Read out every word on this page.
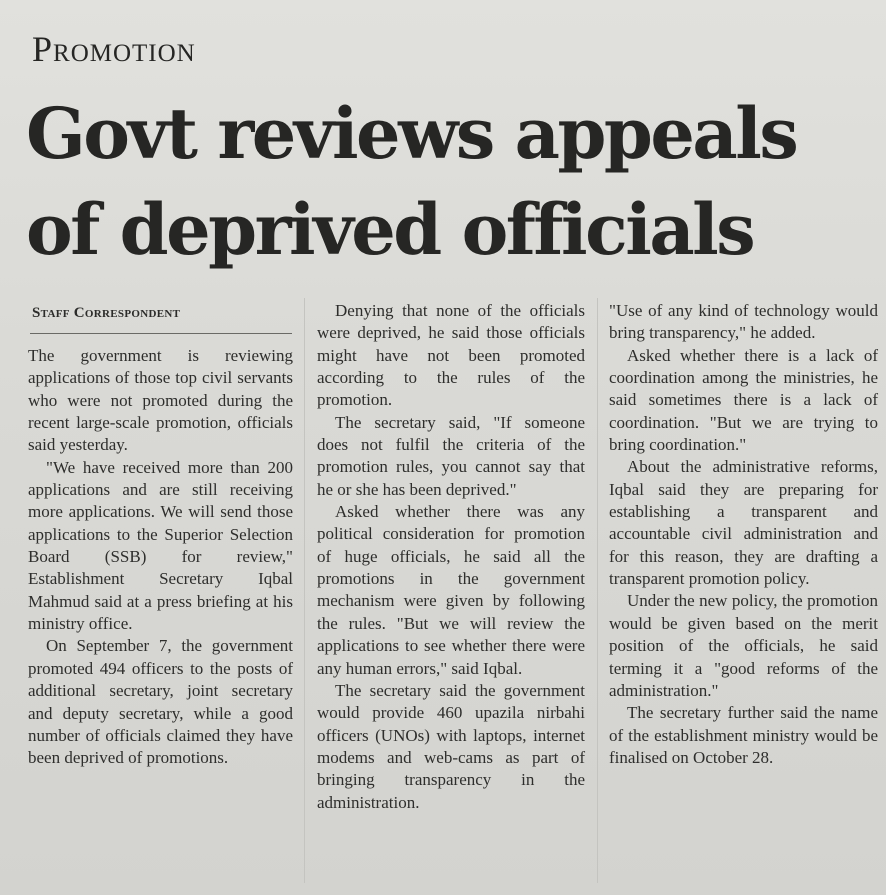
Promotion
Govt reviews appeals
of deprived officials
Staff Correspondent

The government is reviewing applications of those top civil servants who were not promoted during the recent large-scale promotion, officials said yesterday.

"We have received more than 200 applications and are still receiving more applications. We will send those applications to the Superior Selection Board (SSB) for review," Establishment Secretary Iqbal Mahmud said at a press briefing at his ministry office.

On September 7, the government promoted 494 officers to the posts of additional secretary, joint secretary and deputy secretary, while a good number of officials claimed they have been deprived of promotions.

Denying that none of the officials were deprived, he said those officials might have not been promoted according to the rules of the promotion.

The secretary said, "If someone does not fulfil the criteria of the promotion rules, you cannot say that he or she has been deprived."

Asked whether there was any political consideration for promotion of huge officials, he said all the promotions in the government mechanism were given by following the rules. "But we will review the applications to see whether there were any human errors," said Iqbal.

The secretary said the government would provide 460 upazila nirbahi officers (UNOs) with laptops, internet modems and web-cams as part of bringing transparency in the administration.

"Use of any kind of technology would bring transparency," he added.

Asked whether there is a lack of coordination among the ministries, he said sometimes there is a lack of coordination. "But we are trying to bring coordination."

About the administrative reforms, Iqbal said they are preparing for establishing a transparent and accountable civil administration and for this reason, they are drafting a transparent promotion policy.

Under the new policy, the promotion would be given based on the merit position of the officials, he said terming it a "good reforms of the administration."

The secretary further said the name of the establishment ministry would be finalised on October 28.
